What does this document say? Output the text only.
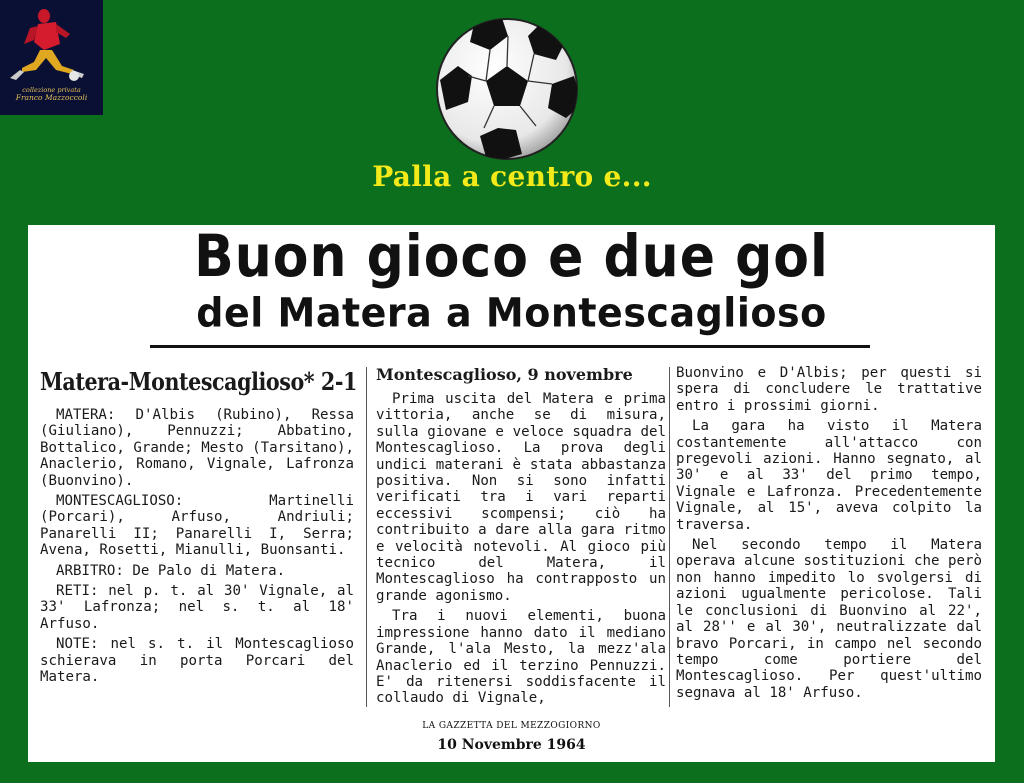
collezione privata
Franco Mazzoccoli
Palla a centro e...
Buon gioco e due gol
del Matera a Montescaglioso
Matera-Montescaglioso* 2-1

MATERA: D'Albis (Rubino), Ressa (Giuliano), Pennuzzi; Abbatino, Bottalico, Grande; Mesto (Tarsitano), Anaclerio, Romano, Vignale, Lafronza (Buonvino).

MONTESCAGLIOSO: Martinelli (Porcari), Arfuso, Andriuli; Panarelli II; Panarelli I, Serra; Avena, Rosetti, Mianulli, Buonsanti.

ARBITRO: De Palo di Matera.

RETI: nel p. t. al 30' Vignale, al 33' Lafronza; nel s. t. al 18' Arfuso.

NOTE: nel s. t. il Montescaglioso schierava in porta Porcari del Matera.

Montescaglioso, 9 novembre

Prima uscita del Matera e prima vittoria, anche se di misura, sulla giovane e veloce squadra del Montescaglioso. La prova degli undici materani è stata abbastanza positiva. Non si sono infatti verificati tra i vari reparti eccessivi scompensi; ciò ha contribuito a dare alla gara ritmo e velocità notevoli. Al gioco più tecnico del Matera, il Montescaglioso ha contrapposto un grande agonismo.

Tra i nuovi elementi, buona impressione hanno dato il mediano Grande, l'ala Mesto, la mezz'ala Anaclerio ed il terzino Pennuzzi. E' da ritenersi soddisfacente il collaudo di Vignale,

Buonvino e D'Albis; per questi si spera di concludere le trattative entro i prossimi giorni.

La gara ha visto il Matera costantemente all'attacco con pregevoli azioni. Hanno segnato, al 30' e al 33' del primo tempo, Vignale e Lafronza. Precedentemente Vignale, al 15', aveva colpito la traversa.

Nel secondo tempo il Matera operava alcune sostituzioni che però non hanno impedito lo svolgersi di azioni ugualmente pericolose. Tali le conclusioni di Buonvino al 22', al 28'' e al 30', neutralizzate dal bravo Porcari, in campo nel secondo tempo come portiere del Montescaglioso. Per quest'ultimo segnava al 18' Arfuso.

LA GAZZETTA DEL MEZZOGIORNO
10 Novembre 1964
